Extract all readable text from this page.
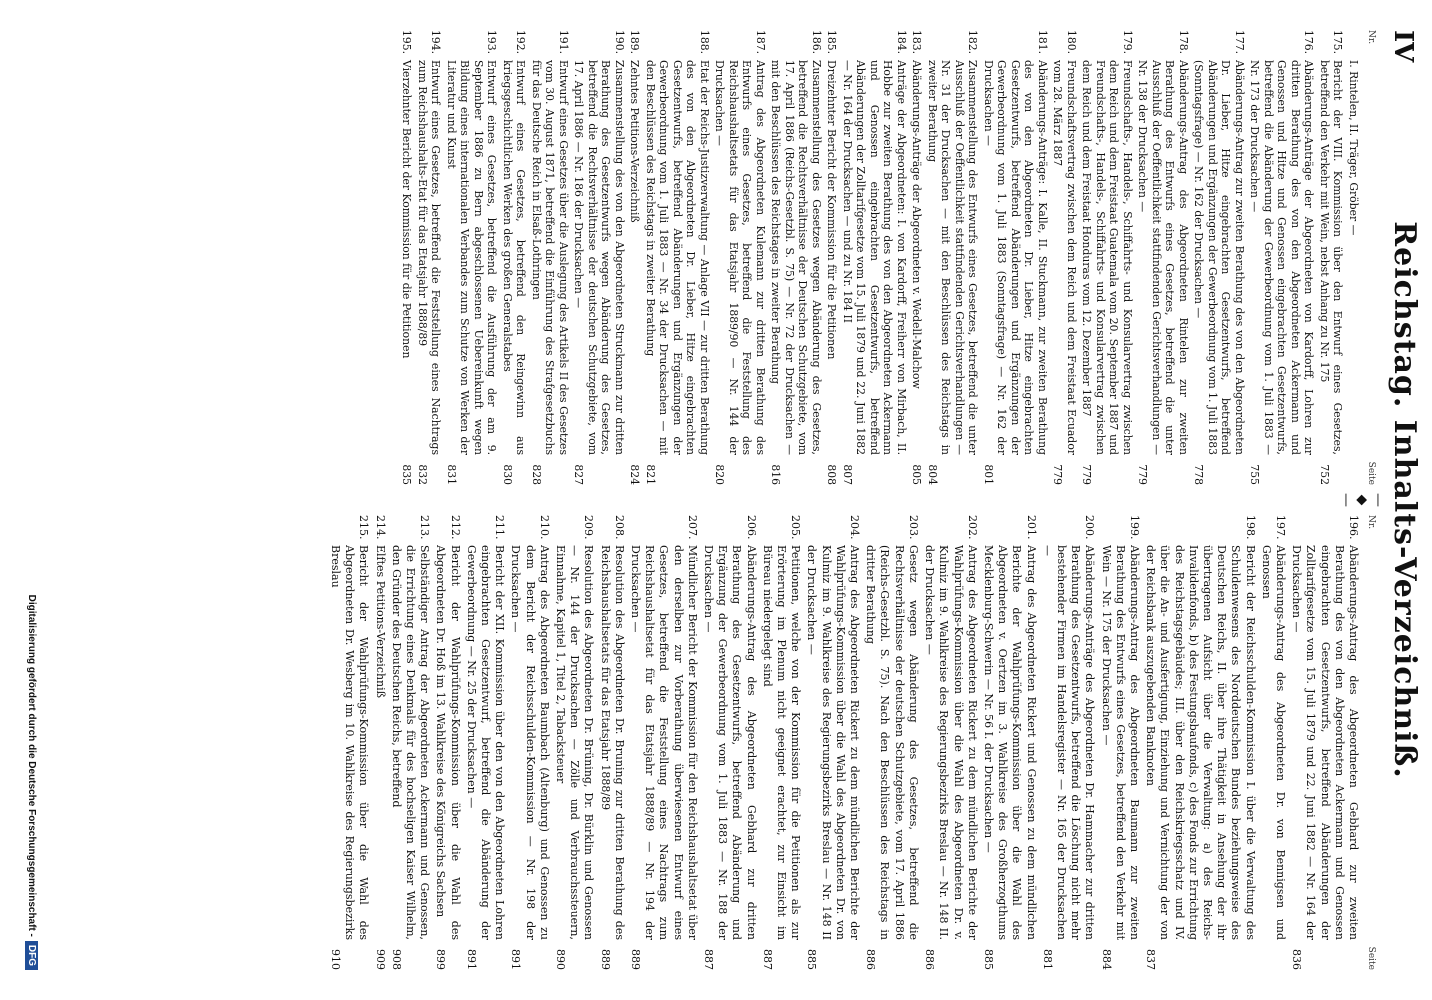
IV
Reichstag. Inhalts-Verzeichniß.
—◆—
Nr.
Seite
I. Rintelen, II. Träger, Gröber —
175.
Bericht der VIII. Kommission über den Entwurf eines Gesetzes, betreffend den Verkehr mit Wein, nebst Anhang zu Nr. 175
752
176.
Abänderungs-Anträge der Abgeordneten von Kardorff, Lohren zur dritten Berathung des von den Abgeordneten Ackermann und Genossen und Hitze und Genossen eingebrachten Gesetzentwurfs, betreffend die Abänderung der Gewerbeordnung vom 1. Juli 1883 — Nr. 173 der Drucksachen —
755
177.
Abänderungs-Antrag zur zweiten Berathung des von den Abgeordneten Dr. Lieber, Hitze eingebrachten Gesetzentwurfs, betreffend Abänderungen und Ergänzungen der Gewerbeordnung vom 1. Juli 1883 (Sonntagsfrage) — Nr. 162 der Drucksachen —
778
178.
Abänderungs-Antrag des Abgeordneten Rintelen zur zweiten Berathung des Entwurfs eines Gesetzes, betreffend die unter Ausschluß der Oeffentlichkeit stattfindenden Gerichtsverhandlungen — Nr. 138 der Drucksachen —
779
179.
Freundschafts-, Handels-, Schiffahrts- und Konsularvertrag zwischen dem Reich und dem Freistaat Guatemala vom 20. September 1887 und Freundschafts-, Handels-, Schiffahrts- und Konsularvertrag zwischen dem Reich und dem Freistaat Honduras vom 12. Dezember 1887
779
180.
Freundschaftsvertrag zwischen dem Reich und dem Freistaat Ecuador vom 28. März 1887
779
181.
Abänderungs-Anträge: I. Kalle, II. Stuckmann, zur zweiten Berathung des von den Abgeordneten Dr. Lieber, Hitze eingebrachten Gesetzentwurfs, betreffend Abänderungen und Ergänzungen der Gewerbeordnung vom 1. Juli 1883 (Sonntagsfrage) — Nr. 162 der Drucksachen —
801
182.
Zusammenstellung des Entwurfs eines Gesetzes, betreffend die unter Ausschluß der Oeffentlichkeit stattfindenden Gerichtsverhandlungen — Nr. 31 der Drucksachen — mit den Beschlüssen des Reichstags in zweiter Berathung
804
183.
Abänderungs-Anträge der Abgeordneten v. Wedell-Malchow
805
184.
Anträge der Abgeordneten: I. von Kardorff, Freiherr von Mirbach, II. Hobbe zur zweiten Berathung des von den Abgeordneten Ackermann und Genossen eingebrachten Gesetzentwurfs, betreffend Abänderungen der Zolltarifgesetze vom 15. Juli 1879 und 22. Juni 1882 — Nr. 164 der Drucksachen — und zu Nr. 184 II
807
185.
Dreizehnter Bericht der Kommission für die Petitionen
808
186.
Zusammenstellung des Gesetzes wegen Abänderung des Gesetzes, betreffend die Rechtsverhältnisse der Deutschen Schutzgebiete, vom 17. April 1886 (Reichs-Gesetzbl. S. 75) — Nr. 72 der Drucksachen — mit den Beschlüssen des Reichstages in zweiter Berathung
816
187.
Antrag des Abgeordneten Kulemann zur dritten Berathung des Entwurfs eines Gesetzes, betreffend die Feststellung des Reichshaushaltsetats für das Etatsjahr 1889/90 — Nr. 144 der Drucksachen —
820
188.
Etat der Reichs-Justizverwaltung — Anlage VII — zur dritten Berathung des von den Abgeordneten Dr. Lieber, Hitze eingebrachten Gesetzentwurfs, betreffend Abänderungen und Ergänzungen der Gewerbeordnung vom 1. Juli 1883 — Nr. 34 der Drucksachen — mit den Beschlüssen des Reichstags in zweiter Berathung
821
189.
Zehntes Petitions-Verzeichniß
824
190.
Zusammenstellung des von den Abgeordneten Struckmann zur dritten Berathung des Gesetzentwurfs wegen Abänderung des Gesetzes, betreffend die Rechtsverhältnisse der deutschen Schutzgebiete, vom 17. April 1886 — Nr. 186 der Drucksachen —
827
191.
Entwurf eines Gesetzes über die Auslegung des Artikels II des Gesetzes vom 30. August 1871, betreffend die Einführung des Strafgesetzbuchs für das Deutsche Reich in Elsaß-Lothringen
828
192.
Entwurf eines Gesetzes, betreffend den Reingewinn aus kriegsgeschichtlichen Werken des großen Generalstabes
830
193.
Entwurf eines Gesetzes, betreffend die Ausführung der am 9. September 1886 zu Bern abgeschlossenen Uebereinkunft wegen Bildung eines internationalen Verbandes zum Schutze von Werken der Literatur und Kunst
831
194.
Entwurf eines Gesetzes, betreffend die Feststellung eines Nachtrags zum Reichshaushalts-Etat für das Etatsjahr 1888/89
832
195.
Vierzehnter Bericht der Kommission für die Petitionen
835
Nr.
Seite
196.
Abänderungs-Antrag des Abgeordneten Gebhard zur zweiten Berathung des von den Abgeordneten Ackermann und Genossen eingebrachten Gesetzentwurfs, betreffend Abänderungen der Zolltarifgesetze vom 15. Juli 1879 und 22. Juni 1882 — Nr. 164 der Drucksachen —
836
197.
Abänderungs-Antrag des Abgeordneten Dr. von Bennigsen und Genossen
198.
Bericht der Reichsschulden-Kommission I. über die Verwaltung des Schuldenwesens des Norddeutschen Bundes beziehungsweise des Deutschen Reichs, II. über ihre Thätigkeit in Ansehung der ihr übertragenen Aufsicht über die Verwaltung: a) des Reichs-Invalidenfonds, b) des Festungsbaufonds, c) des Fonds zur Errichtung des Reichstagsgebäudes; III. über den Reichskriegsschatz und IV. über die An- und Ausfertigung, Einziehung und Vernichtung der von der Reichsbank auszugebenden Banknoten
837
199.
Abänderungs-Antrag des Abgeordneten Baumann zur zweiten Berathung des Entwurfs eines Gesetzes, betreffend den Verkehr mit Wein — Nr. 175 der Drucksachen —
884
200.
Abänderungs-Anträge des Abgeordneten Dr. Hammacher zur dritten Berathung des Gesetzentwurfs, betreffend die Löschung nicht mehr bestehender Firmen im Handelsregister — Nr. 165 der Drucksachen —
881
201.
Antrag des Abgeordneten Rickert und Genossen zu dem mündlichen Berichte der Wahlprüfungs-Kommission über die Wahl des Abgeordneten v. Oertzen im 3. Wahlkreise des Großherzogthums Mecklenburg-Schwerin — Nr. 56 I. der Drucksachen —
885
202.
Antrag des Abgeordneten Rickert zu dem mündlichen Berichte der Wahlprüfungs-Kommission über die Wahl des Abgeordneten Dr. v. Kulmiz im 9. Wahlkreise des Regierungsbezirks Breslau — Nr. 148 II. der Drucksachen —
886
203.
Gesetz wegen Abänderung des Gesetzes, betreffend die Rechtsverhältnisse der deutschen Schutzgebiete, vom 17. April 1886 (Reichs-Gesetzbl. S. 75). Nach den Beschlüssen des Reichstags in dritter Berathung
886
204.
Antrag des Abgeordneten Rickert zu dem mündlichen Berichte der Wahlprüfungs-Kommission über die Wahl des Abgeordneten Dr. von Kulmiz im 9. Wahlkreise des Regierungsbezirks Breslau — Nr. 148 II der Drucksachen —
885
205.
Petitionen, welche von der Kommission für die Petitionen als zur Erörterung im Plenum nicht geeignet erachtet, zur Einsicht im Büreau niedergelegt sind
887
206.
Abänderungs-Antrag des Abgeordneten Gebhard zur dritten Berathung des Gesetzentwurfs, betreffend Abänderung und Ergänzung der Gewerbeordnung vom 1. Juli 1883 — Nr. 188 der Drucksachen —
887
207.
Mündlicher Bericht der Kommission für den Reichshaushaltsetat über den derselben zur Vorberathung überwiesenen Entwurf eines Gesetzes, betreffend die Feststellung eines Nachtrags zum Reichshaushaltsetat für das Etatsjahr 1888/89 — Nr. 194 der Drucksachen —
889
208.
Resolution des Abgeordneten Dr. Bruning zur dritten Berathung des Reichshaushaltsetats für das Etatsjahr 1888/89
889
209.
Resolution des Abgeordneten Dr. Brüning, Dr. Bürklin und Genossen — Nr. 144 der Drucksachen — Zölle und Verbrauchssteuern, Einnahme, Kapitel 1, Titel 2, Tabacksteuer
890
210.
Antrag des Abgeordneten Baumbach (Altenburg) und Genossen zu dem Bericht der Reichsschulden-Kommission — Nr. 198 der Drucksachen —
891
211.
Bericht der XII. Kommission über den von den Abgeordneten Lohren eingebrachten Gesetzentwurf, betreffend die Abänderung der Gewerbeordnung — Nr. 25 der Drucksachen —
891
212.
Bericht der Wahlprüfungs-Kommission über die Wahl des Abgeordneten Dr. Hoß im 13. Wahlkreise des Königreichs Sachsen
899
213.
Selbständiger Antrag der Abgeordneten Ackermann und Genossen, die Errichtung eines Denkmals für des hochseligen Kaiser Wilhelm, den Gründer des Deutschen Reichs, betreffend
908
214.
Elftes Petitions-Verzeichniß
909
215.
Bericht der Wahlprüfungs-Kommission über die Wahl des Abgeordneten Dr. Wesberg im 10. Wahlkreise des Regierungsbezirks Breslau
910
Digitalisierung gefördert durch die Deutsche Forschungsgemeinschaft -DFG
